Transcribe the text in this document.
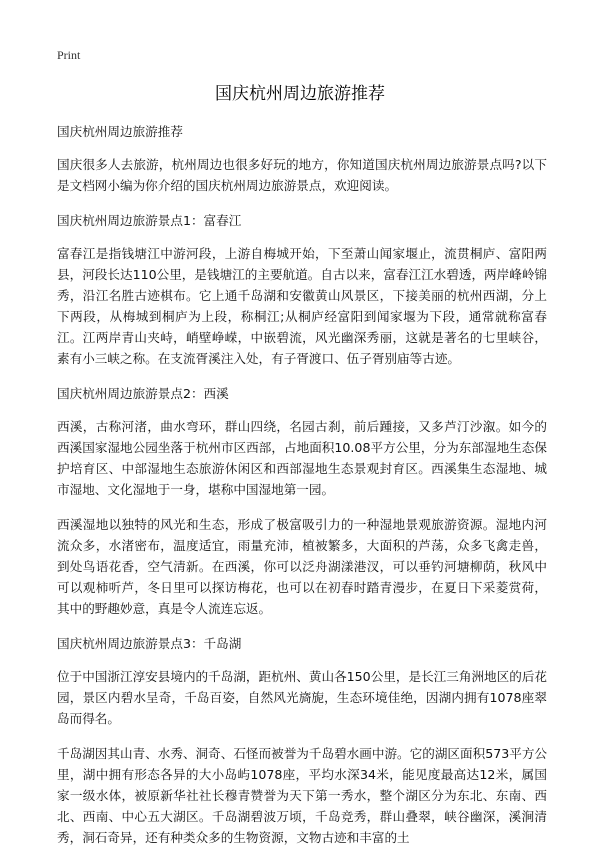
Print
国庆杭州周边旅游推荐

国庆杭州周边旅游推荐

国庆很多人去旅游，杭州周边也很多好玩的地方，你知道国庆杭州周边旅游景点吗?以下是文档网小编为你介绍的国庆杭州周边旅游景点，欢迎阅读。

国庆杭州周边旅游景点1：富春江

富春江是指钱塘江中游河段，上游自梅城开始，下至萧山闻家堰止，流贯桐庐、富阳两县，河段长达110公里，是钱塘江的主要航道。自古以来，富春江江水碧透，两岸峰岭锦秀，沿江名胜古迹棋布。它上通千岛湖和安徽黄山风景区，下接美丽的杭州西湖，分上下两段，从梅城到桐庐为上段，称桐江;从桐庐经富阳到闻家堰为下段，通常就称富春江。江两岸青山夹峙，峭壁峥嵘，中嵌碧流，风光幽深秀丽，这就是著名的七里峡谷，素有小三峡之称。在支流胥溪注入处，有子胥渡口、伍子胥别庙等古迹。

国庆杭州周边旅游景点2：西溪

西溪，古称河渚，曲水弯环，群山四绕，名园古刹，前后踵接，又多芦汀沙溆。如今的西溪国家湿地公园坐落于杭州市区西部，占地面积10.08平方公里，分为东部湿地生态保护培育区、中部湿地生态旅游休闲区和西部湿地生态景观封育区。西溪集生态湿地、城市湿地、文化湿地于一身，堪称中国湿地第一园。

西溪湿地以独特的风光和生态，形成了极富吸引力的一种湿地景观旅游资源。湿地内河流众多，水渚密布，温度适宜，雨量充沛，植被繁多，大面积的芦荡，众多飞禽走兽，到处鸟语花香，空气清新。在西溪，你可以泛舟湖漾港汊，可以垂钓河塘柳荫，秋风中可以观柿听芦，冬日里可以探访梅花，也可以在初春时踏青漫步，在夏日下采菱赏荷，其中的野趣妙意，真是令人流连忘返。

国庆杭州周边旅游景点3：千岛湖

位于中国浙江淳安县境内的千岛湖，距杭州、黄山各150公里，是长江三角洲地区的后花园，景区内碧水呈奇，千岛百姿，自然风光旖旎，生态环境佳绝，因湖内拥有1078座翠岛而得名。

千岛湖因其山青、水秀、洞奇、石怪而被誉为千岛碧水画中游。它的湖区面积573平方公里，湖中拥有形态各异的大小岛屿1078座，平均水深34米，能见度最高达12米，属国家一级水体，被原新华社社长穆青赞誉为天下第一秀水，整个湖区分为东北、东南、西北、西南、中心五大湖区。千岛湖碧波万顷，千岛竞秀，群山叠翠，峡谷幽深，溪涧清秀，洞石奇异，还有种类众多的生物资源，文物古迹和丰富的土
